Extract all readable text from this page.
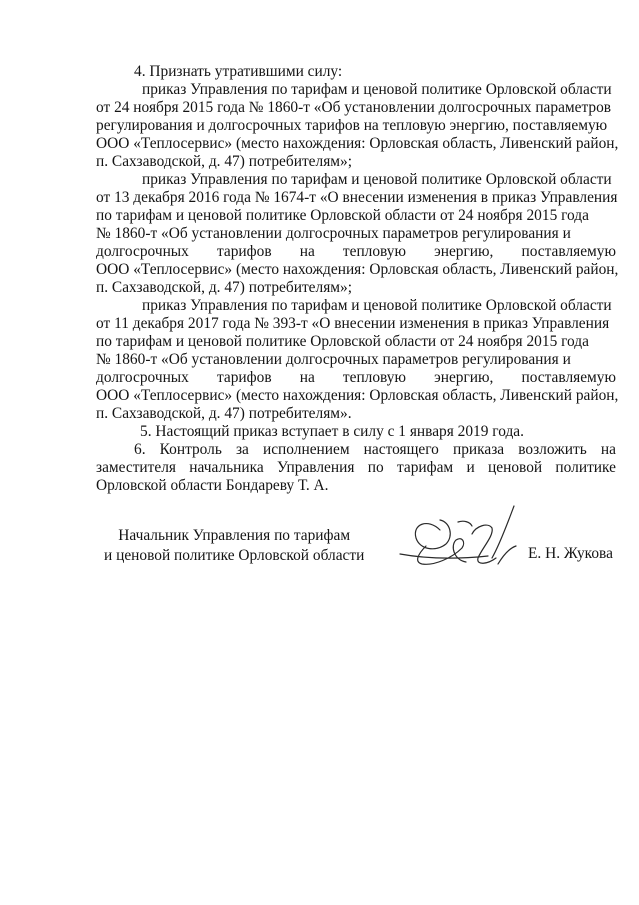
4. Признать утратившими силу:
приказ Управления по тарифам и ценовой политике Орловской области
от 24 ноября 2015 года № 1860-т «Об установлении долгосрочных параметров
регулирования и долгосрочных тарифов на тепловую энергию, поставляемую
ООО «Теплосервис» (место нахождения: Орловская область, Ливенский район,
п. Сахзаводской, д. 47) потребителям»;
приказ Управления по тарифам и ценовой политике Орловской области
от 13 декабря 2016 года № 1674-т «О внесении изменения в приказ Управления
по тарифам и ценовой политике Орловской области от 24 ноября 2015 года
№ 1860-т «Об установлении долгосрочных параметров регулирования и
долгосрочных тарифов на тепловую энергию, поставляемую
ООО «Теплосервис» (место нахождения: Орловская область, Ливенский район,
п. Сахзаводской, д. 47) потребителям»;
приказ Управления по тарифам и ценовой политике Орловской области
от 11 декабря 2017 года № 393-т «О внесении изменения в приказ Управления
по тарифам и ценовой политике Орловской области от 24 ноября 2015 года
№ 1860-т «Об установлении долгосрочных параметров регулирования и
долгосрочных тарифов на тепловую энергию, поставляемую
ООО «Теплосервис» (место нахождения: Орловская область, Ливенский район,
п. Сахзаводской, д. 47) потребителям».
5. Настоящий приказ вступает в силу с 1 января 2019 года.
6. Контроль за исполнением настоящего приказа возложить на
заместителя начальника Управления по тарифам и ценовой политике
Орловской области Бондареву Т. А.
Начальник Управления по тарифам
и ценовой политике Орловской области	Е. Н. Жукова
